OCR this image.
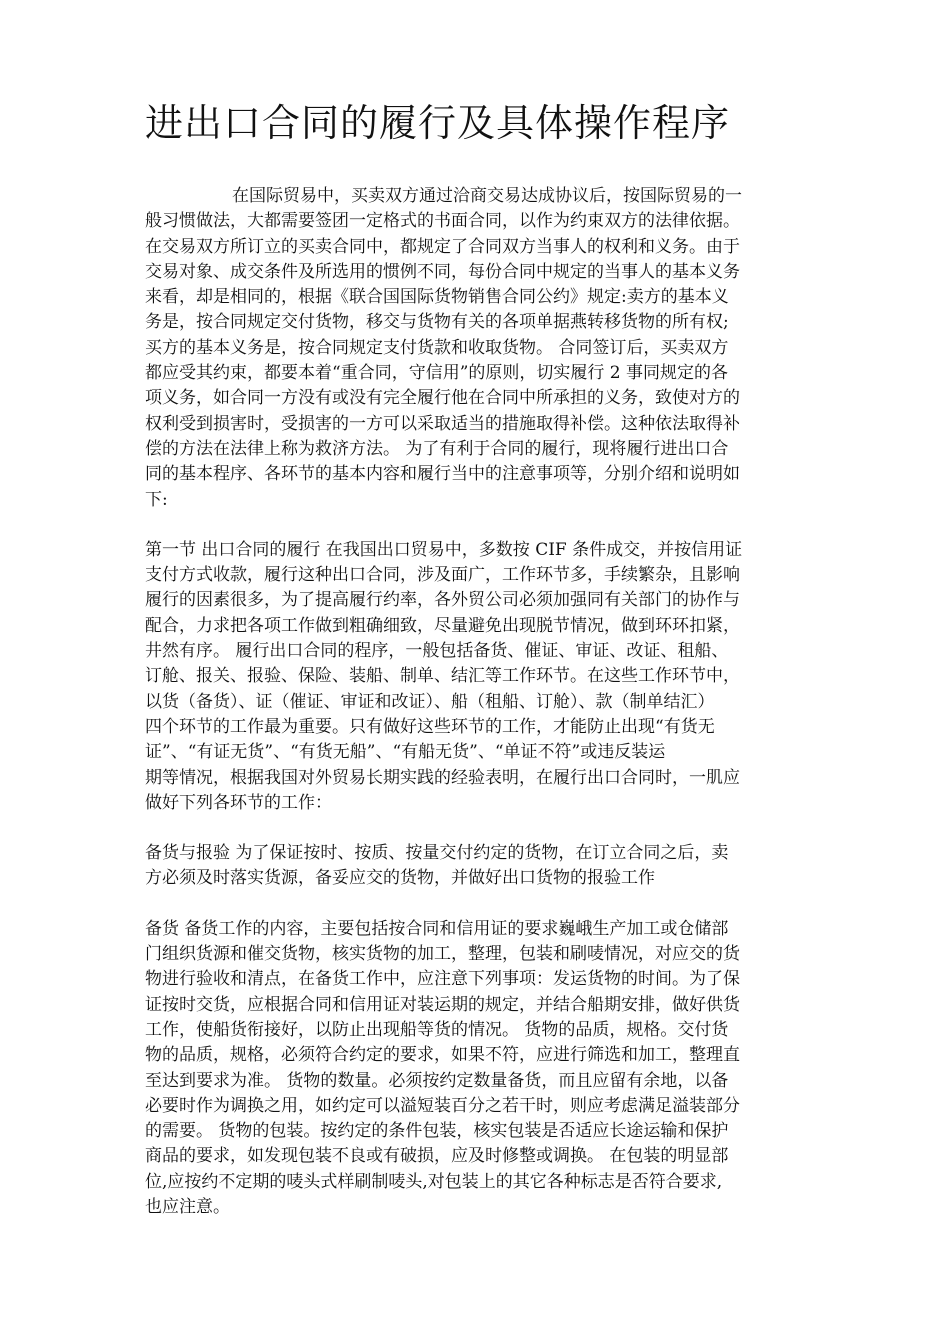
进出口合同的履行及具体操作程序
在国际贸易中，买卖双方通过洽商交易达成协议后，按国际贸易的一
般习惯做法，大都需要签团一定格式的书面合同，以作为约束双方的法律依据。
在交易双方所订立的买卖合同中，都规定了合同双方当事人的权利和义务。由于
交易对象、成交条件及所选用的惯例不同，每份合同中规定的当事人的基本义务
来看，却是相同的，根据《联合国国际货物销售合同公约》规定:卖方的基本义
务是，按合同规定交付货物，移交与货物有关的各项单据燕转移货物的所有权;
买方的基本义务是，按合同规定支付货款和收取货物。 合同签订后，买卖双方
都应受其约束，都要本着“重合同，守信用”的原则，切实履行 2 事同规定的各
项义务，如合同一方没有或没有完全履行他在合同中所承担的义务，致使对方的
权利受到损害时，受损害的一方可以采取适当的措施取得补偿。这种依法取得补
偿的方法在法律上称为救济方法。 为了有利于合同的履行，现将履行进出口合
同的基本程序、各环节的基本内容和履行当中的注意事项等，分别介绍和说明如
下:
第一节 出口合同的履行 在我国出口贸易中，多数按 CIF 条件成交，并按信用证
支付方式收款，履行这种出口合同，涉及面广，工作环节多，手续繁杂，且影响
履行的因素很多，为了提高履行约率，各外贸公司必须加强同有关部门的协作与
配合，力求把各项工作做到粗确细致，尽量避免出现脱节情况，做到环环扣紧，
井然有序。 履行出口合同的程序，一般包括备货、催证、审证、改证、租船、
订舱、报关、报验、保险、装船、制单、结汇等工作环节。在这些工作环节中，
以货（备货）、证（催证、审证和改证）、船（租船、订舱）、款（制单结汇）
四个环节的工作最为重要。只有做好这些环节的工作，才能防止出现“有货无
证”、“有证无货”、“有货无船”、“有船无货”、“单证不符”或违反装运
期等情况，根据我国对外贸易长期实践的经验表明，在履行出口合同时，一肌应
做好下列各环节的工作：
备货与报验 为了保证按时、按质、按量交付约定的货物，在订立合同之后，卖
方必须及时落实货源，备妥应交的货物，并做好出口货物的报验工作
备货 备货工作的内容，主要包括按合同和信用证的要求巍峨生产加工或仓储部
门组织货源和催交货物，核实货物的加工，整理，包装和刷唛情况，对应交的货
物进行验收和清点，在备货工作中，应注意下列事项：发运货物的时间。为了保
证按时交货，应根据合同和信用证对装运期的规定，并结合船期安排，做好供货
工作，使船货衔接好，以防止出现船等货的情况。 货物的品质，规格。交付货
物的品质，规格，必须符合约定的要求，如果不符，应进行筛选和加工，整理直
至达到要求为准。 货物的数量。必须按约定数量备货，而且应留有余地，以备
必要时作为调换之用，如约定可以溢短装百分之若干时，则应考虑满足溢装部分
的需要。 货物的包装。按约定的条件包装，核实包装是否适应长途运输和保护
商品的要求，如发现包装不良或有破损，应及时修整或调换。 在包装的明显部
位,应按约不定期的唛头式样刷制唛头,对包装上的其它各种标志是否符合要求,
也应注意。
